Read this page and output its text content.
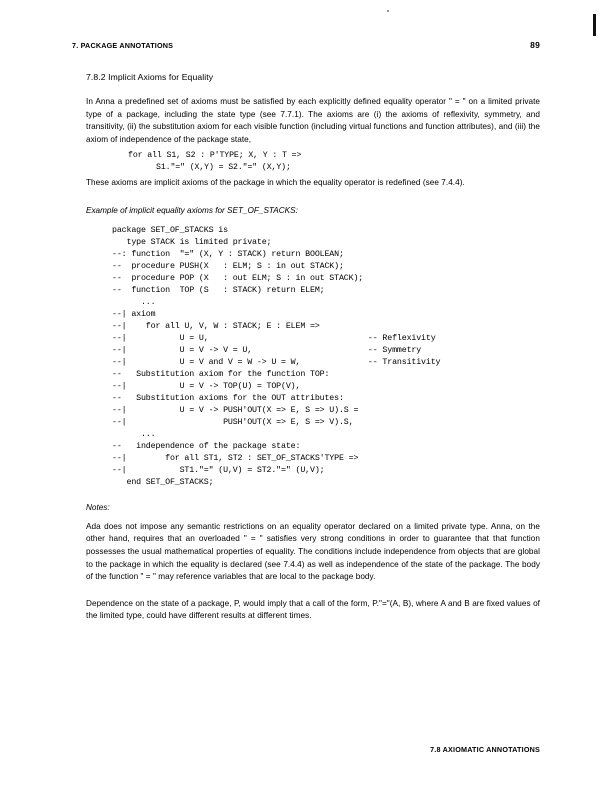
7. PACKAGE ANNOTATIONS	89
7.8.2 Implicit Axioms for Equality

In Anna a predefined set of axioms must be satisfied by each explicitly defined equality operator " = " on a limited private type of a package, including the state type (see 7.7.1). The axioms are (i) the axioms of reflexivity, symmetry, and transitivity, (ii) the substitution axiom for each visible function (including virtual functions and function attributes), and (iii) the axiom of independence of the package state,

for all S1, S2 : P'TYPE; X, Y : T =>
S1."=" (X,Y) = S2."=" (X,Y);

These axioms are implicit axioms of the package in which the equality operator is redefined (see 7.4.4).

Example of implicit equality axioms for SET_OF_STACKS:
package SET_OF_STACKS is
type STACK is limited private;
--: function  "=" (X, Y : STACK) return BOOLEAN;
--  procedure PUSH(X   : ELM; S : in out STACK);
--  procedure POP (X   : out ELM; S : in out STACK);
--  function  TOP (S   : STACK) return ELEM;
...
--| axiom
--|    for all U, V, W : STACK; E : ELEM =>
--|           U = U,                                 -- Reflexivity
--|           U = V -> V = U,                        -- Symmetry
--|           U = V and V = W -> U = W,              -- Transitivity
--   Substitution axiom for the function TOP:
--|           U = V -> TOP(U) = TOP(V),
--   Substitution axioms for the OUT attributes:
--|           U = V -> PUSH'OUT(X => E, S => U).S =
--|                    PUSH'OUT(X => E, S => V).S,
...
--   independence of the package state:
--|        for all ST1, ST2 : SET_OF_STACKS'TYPE =>
--|           ST1."=" (U,V) = ST2."=" (U,V);
end SET_OF_STACKS;
Notes:

Ada does not impose any semantic restrictions on an equality operator declared on a limited private type. Anna, on the other hand, requires that an overloaded " = " satisfies very strong conditions in order to guarantee that that function possesses the usual mathematical properties of equality. The conditions include independence from objects that are global to the package in which the equality is declared (see 7.4.4) as well as independence of the state of the package. The body of the function " = " may reference variables that are local to the package body.

Dependence on the state of a package, P, would imply that a call of the form, P."="(A, B), where A and B are fixed values of the limited type, could have different results at different times.

7.8 AXIOMATIC ANNOTATIONS
